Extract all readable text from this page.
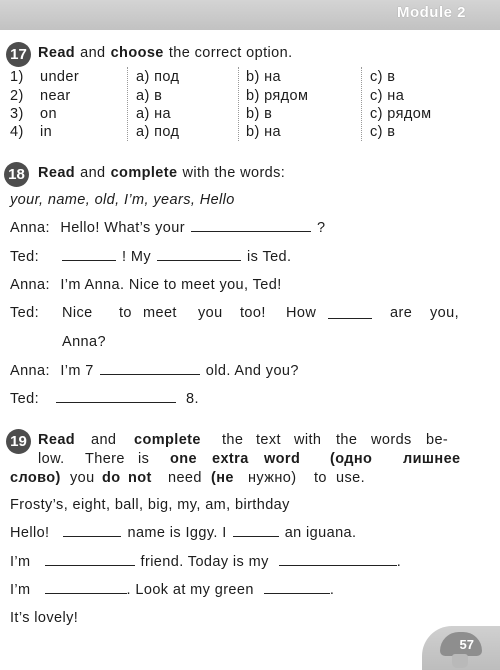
Module 2
17 Read and choose the correct option.
1) under	a) под	b) на	c) в
2) near	a) в	b) рядом	c) на
3) on	a) на	b) в	c) рядом
4) in	a) под	b) на	c) в
18 Read and complete with the words:
your, name, old, I’m, years, Hello
Anna: Hello! What’s your	?
Ted:	! My	is Ted.
Anna: I’m Anna. Nice to meet you, Ted!
Ted: Nice to meet you too! How	are you,
Anna?
Anna: I’m 7	old. And you?
Ted:	8.
19 Read and complete the text with the words be-
low. There is one extra word (одно лишнее
слово) you do not need (не нужно) to use.
Frosty’s, eight, ball, big, my, am, birthday
Hello!	name is Iggy. I	an iguana.
I’m	friend. Today is my	.
I’m	. Look at my green	.
It’s lovely!
57
